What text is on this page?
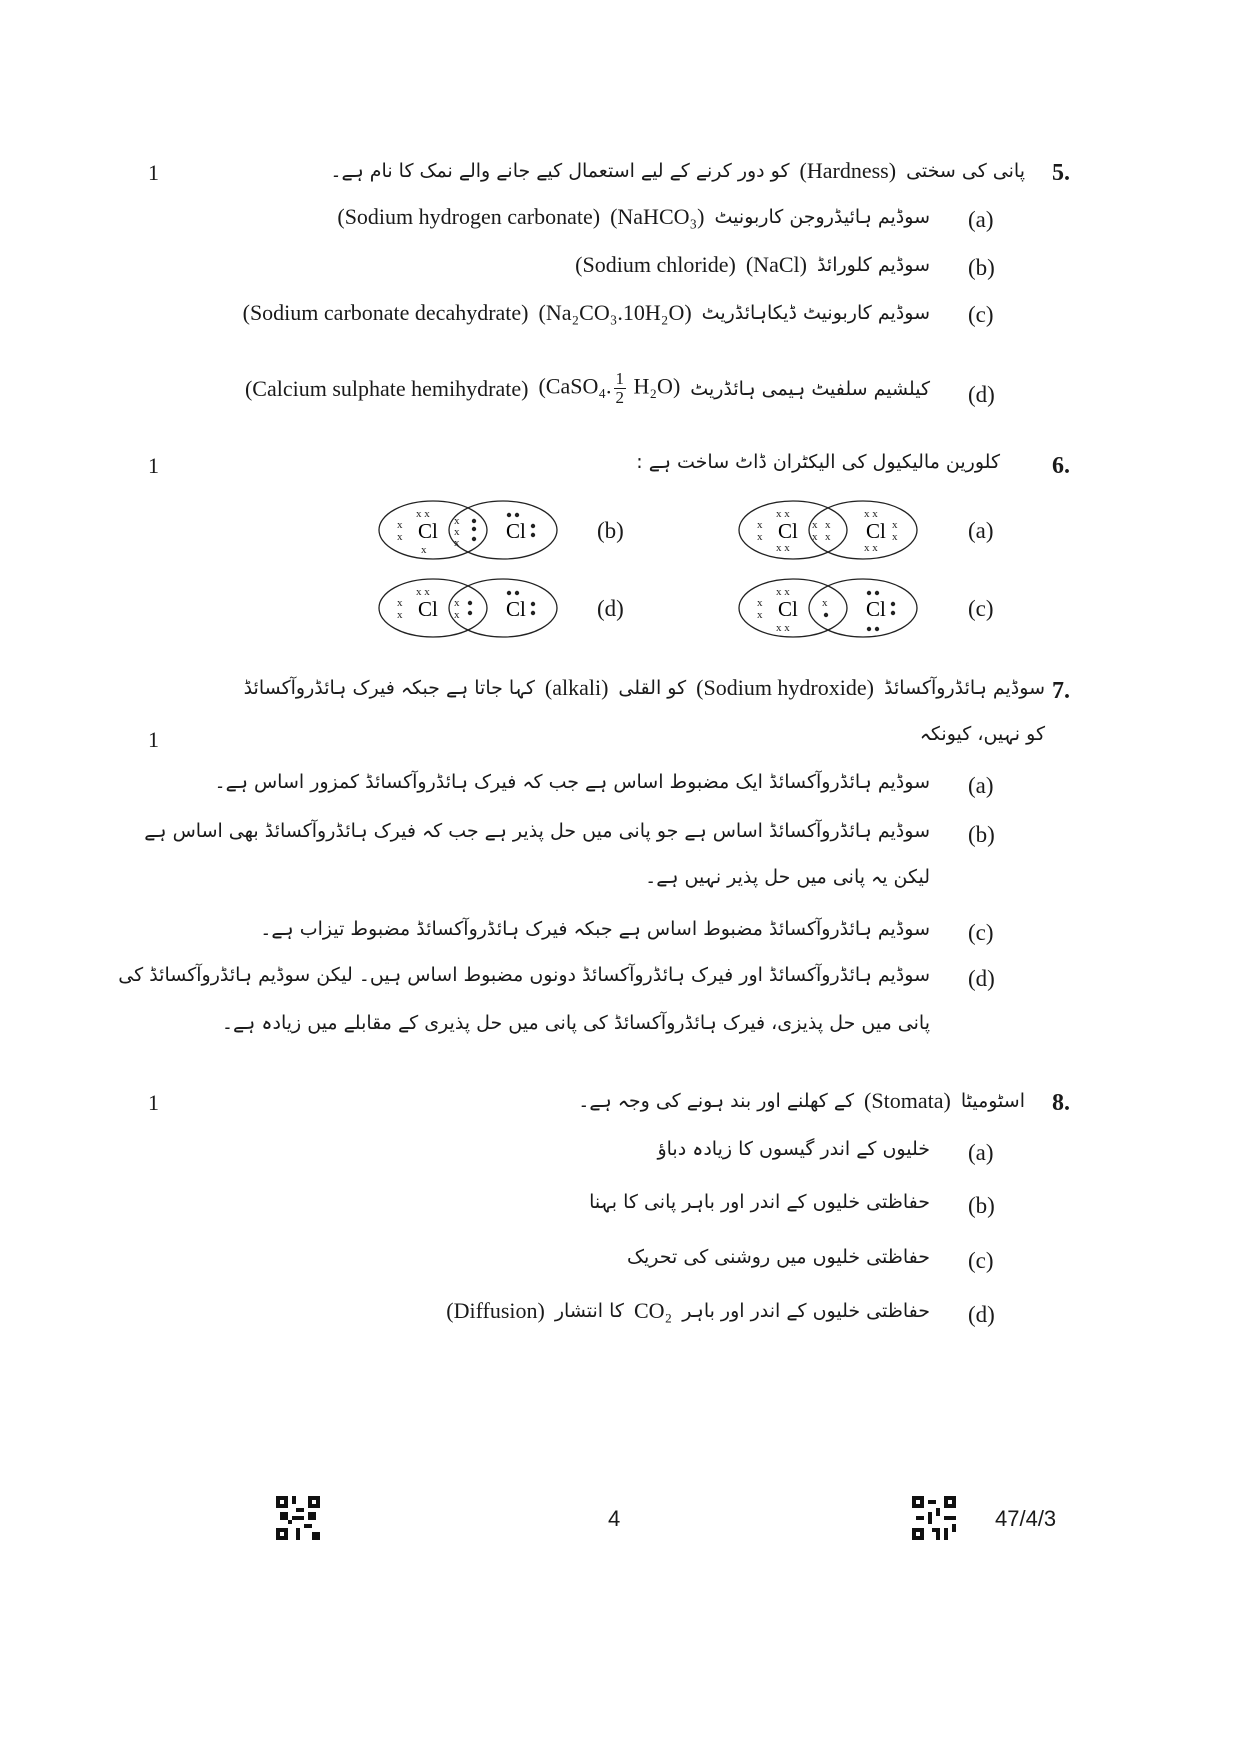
1	5.
پانی کی سختی
(Hardness)
کو دور کرنے کے لیے استعمال کیے جانے والے نمک کا نام ہے۔
(a)
سوڈیم ہائیڈروجن کاربونیٹ
(NaHCO₃)
(Sodium hydrogen carbonate)
(b)
سوڈیم کلورائڈ
(NaCl)
(Sodium chloride)
(c)
سوڈیم کاربونیٹ ڈیکاہائڈریٹ
(Na₂CO₃.10H₂O)
(Sodium carbonate decahydrate)
(d)
کیلشیم سلفیٹ ہیمی ہائڈریٹ
(CaSO₄. $\frac{1}{2} H_2O$)
(Calcium sulphate hemihydrate)
1	6.
کلورین مالیکیول کی الیکٹران ڈاٹ ساخت ہے :
(a)
(b)
(c)
(d)
Cl	Cl
x x
x x
x
x
x
x
x
x
x x
x x
x
x
Cl	Cl
x x
x
x
x
x
x
x
Cl	Cl
x x
x x
x
x
x
Cl	Cl
x x
x
x
x
x
7.
سوڈیم ہائڈروآکسائڈ
(Sodium hydroxide)
کو القلی
(alkali)
کہا جاتا ہے جبکہ فیرک ہائڈروآکسائڈ
1	کو نہیں، کیونکہ
(a)
سوڈیم ہائڈروآکسائڈ ایک مضبوط اساس ہے جب کہ فیرک ہائڈروآکسائڈ کمزور اساس ہے۔
(b)
سوڈیم ہائڈروآکسائڈ اساس ہے جو پانی میں حل پذیر ہے جب کہ فیرک ہائڈروآکسائڈ بھی اساس ہے
لیکن یہ پانی میں حل پذیر نہیں ہے۔
(c)
سوڈیم ہائڈروآکسائڈ مضبوط اساس ہے جبکہ فیرک ہائڈروآکسائڈ مضبوط تیزاب ہے۔
(d)
سوڈیم ہائڈروآکسائڈ اور فیرک ہائڈروآکسائڈ دونوں مضبوط اساس ہیں۔ لیکن سوڈیم ہائڈروآکسائڈ کی
پانی میں حل پذیزی، فیرک ہائڈروآکسائڈ کی پانی میں حل پذیری کے مقابلے میں زیادہ ہے۔
1	8.
اسٹومیٹا
(Stomata)
کے کھلنے اور بند ہونے کی وجہ ہے۔
(a)
خلیوں کے اندر گیسوں کا زیادہ دباؤ
(b)
حفاظتی خلیوں کے اندر اور باہر پانی کا بہنا
(c)
حفاظتی خلیوں میں روشنی کی تحریک
(d)
حفاظتی خلیوں کے اندر اور باہر
CO₂
کا انتشار
(Diffusion)
4	47/4/3
